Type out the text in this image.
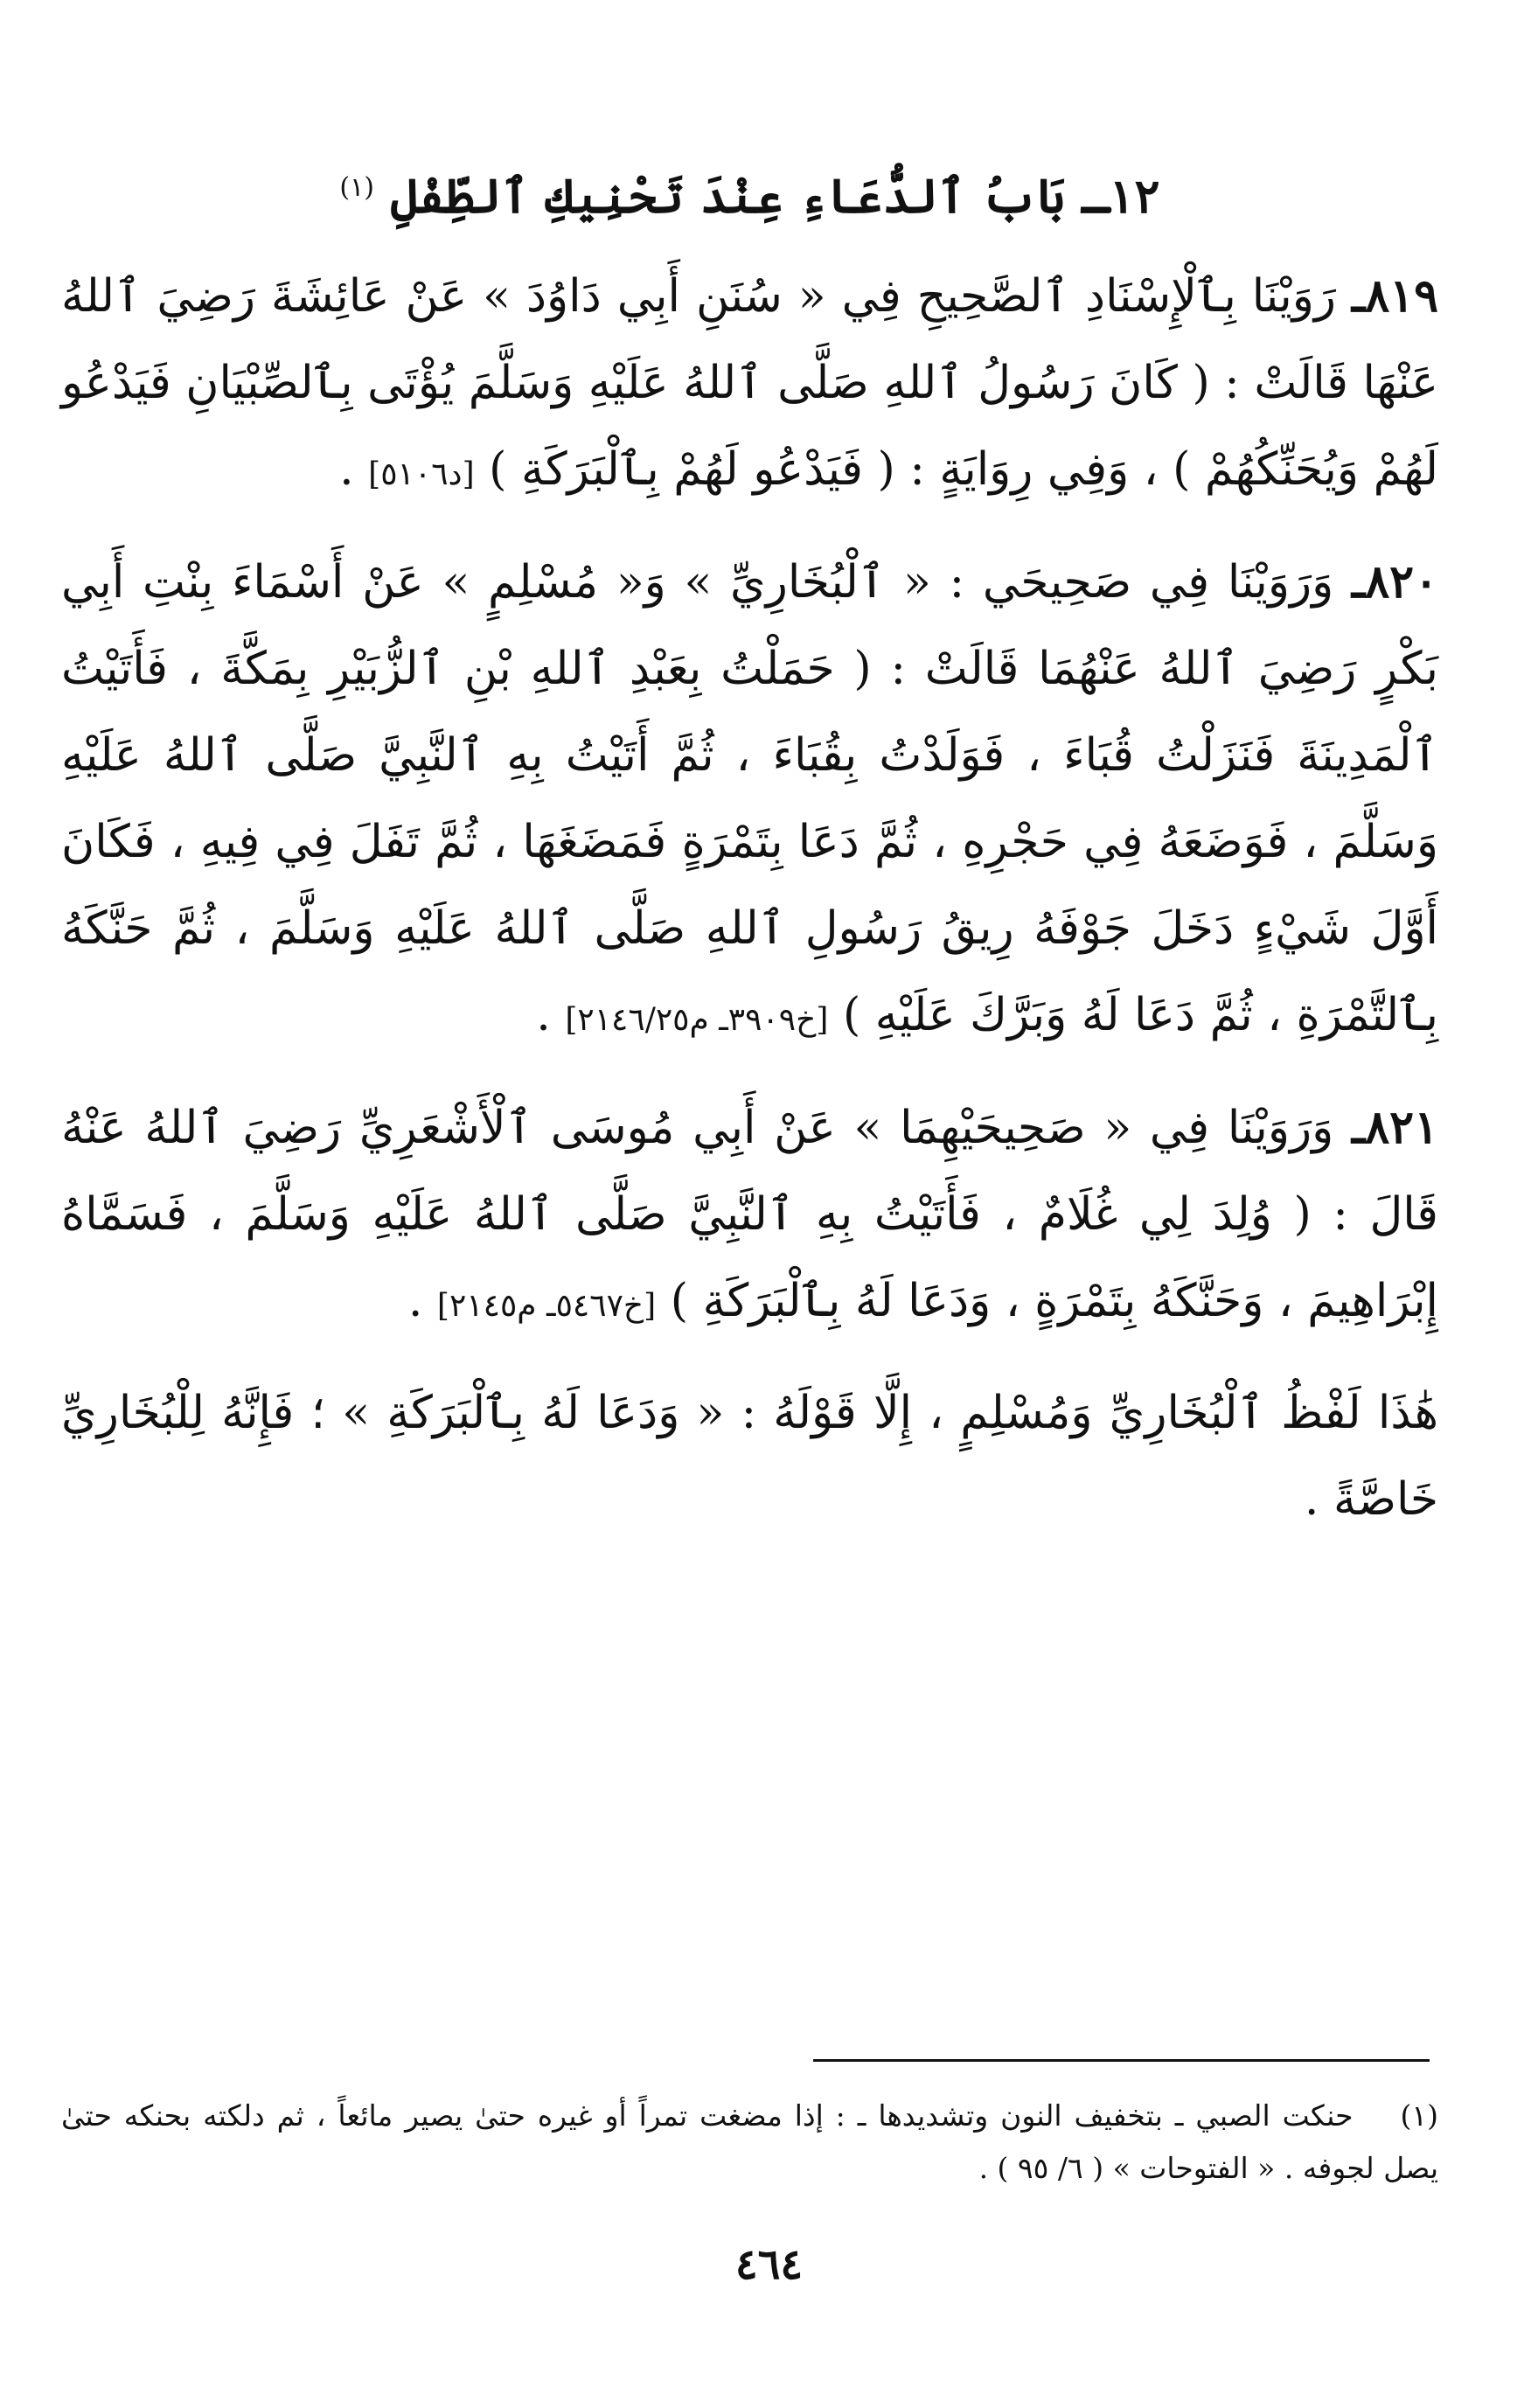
١٢ـ بَابُ ٱلدُّعَاءِ عِنْدَ تَحْنِيكِ ٱلطِّفْلِ $^{(١)}$

٨١٩ـ رَوَيْنَا بِٱلْإِسْنَادِ ٱلصَّحِيحِ فِي « سُنَنِ أَبِي دَاوُدَ » عَنْ عَائِشَةَ رَضِيَ ٱللهُ عَنْهَا قَالَتْ : ( كَانَ رَسُولُ ٱللهِ صَلَّى ٱللهُ عَلَيْهِ وَسَلَّمَ يُؤْتَى بِٱلصِّبْيَانِ فَيَدْعُو لَهُمْ وَيُحَنِّكُهُمْ ) ، وَفِي رِوَايَةٍ : ( فَيَدْعُو لَهُمْ بِٱلْبَرَكَةِ ) [د٥١٠٦] .

٨٢٠ـ وَرَوَيْنَا فِي صَحِيحَي : « ٱلْبُخَارِيِّ » وَ« مُسْلِمٍ » عَنْ أَسْمَاءَ بِنْتِ أَبِي بَكْرٍ رَضِيَ ٱللهُ عَنْهُمَا قَالَتْ : ( حَمَلْتُ بِعَبْدِ ٱللهِ بْنِ ٱلزُّبَيْرِ بِمَكَّةَ ، فَأَتَيْتُ ٱلْمَدِينَةَ فَنَزَلْتُ قُبَاءَ ، فَوَلَدْتُ بِقُبَاءَ ، ثُمَّ أَتَيْتُ بِهِ ٱلنَّبِيَّ صَلَّى ٱللهُ عَلَيْهِ وَسَلَّمَ ، فَوَضَعَهُ فِي حَجْرِهِ ، ثُمَّ دَعَا بِتَمْرَةٍ فَمَضَغَهَا ، ثُمَّ تَفَلَ فِي فِيهِ ، فَكَانَ أَوَّلَ شَيْءٍ دَخَلَ جَوْفَهُ رِيقُ رَسُولِ ٱللهِ صَلَّى ٱللهُ عَلَيْهِ وَسَلَّمَ ، ثُمَّ حَنَّكَهُ بِٱلتَّمْرَةِ ، ثُمَّ دَعَا لَهُ وَبَرَّكَ عَلَيْهِ ) [خ٣٩٠٩ـ م٢١٤٦/٢٥] .

٨٢١ـ وَرَوَيْنَا فِي « صَحِيحَيْهِمَا » عَنْ أَبِي مُوسَى ٱلْأَشْعَرِيِّ رَضِيَ ٱللهُ عَنْهُ قَالَ : ( وُلِدَ لِي غُلَامٌ ، فَأَتَيْتُ بِهِ ٱلنَّبِيَّ صَلَّى ٱللهُ عَلَيْهِ وَسَلَّمَ ، فَسَمَّاهُ إِبْرَاهِيمَ ، وَحَنَّكَهُ بِتَمْرَةٍ ، وَدَعَا لَهُ بِٱلْبَرَكَةِ ) [خ٥٤٦٧ـ م٢١٤٥] .

هَٰذَا لَفْظُ ٱلْبُخَارِيِّ وَمُسْلِمٍ ، إِلَّا قَوْلَهُ : « وَدَعَا لَهُ بِٱلْبَرَكَةِ » ؛ فَإِنَّهُ لِلْبُخَارِيِّ خَاصَّةً .

(١) حنكت الصبي ـ بتخفيف النون وتشديدها ـ : إذا مضغت تمراً أو غيره حتىٰ يصير مائعاً ، ثم دلكته بحنكه حتىٰ يصل لجوفه . « الفتوحات » ( ٦/ ٩٥ ) .
٤٦٤
